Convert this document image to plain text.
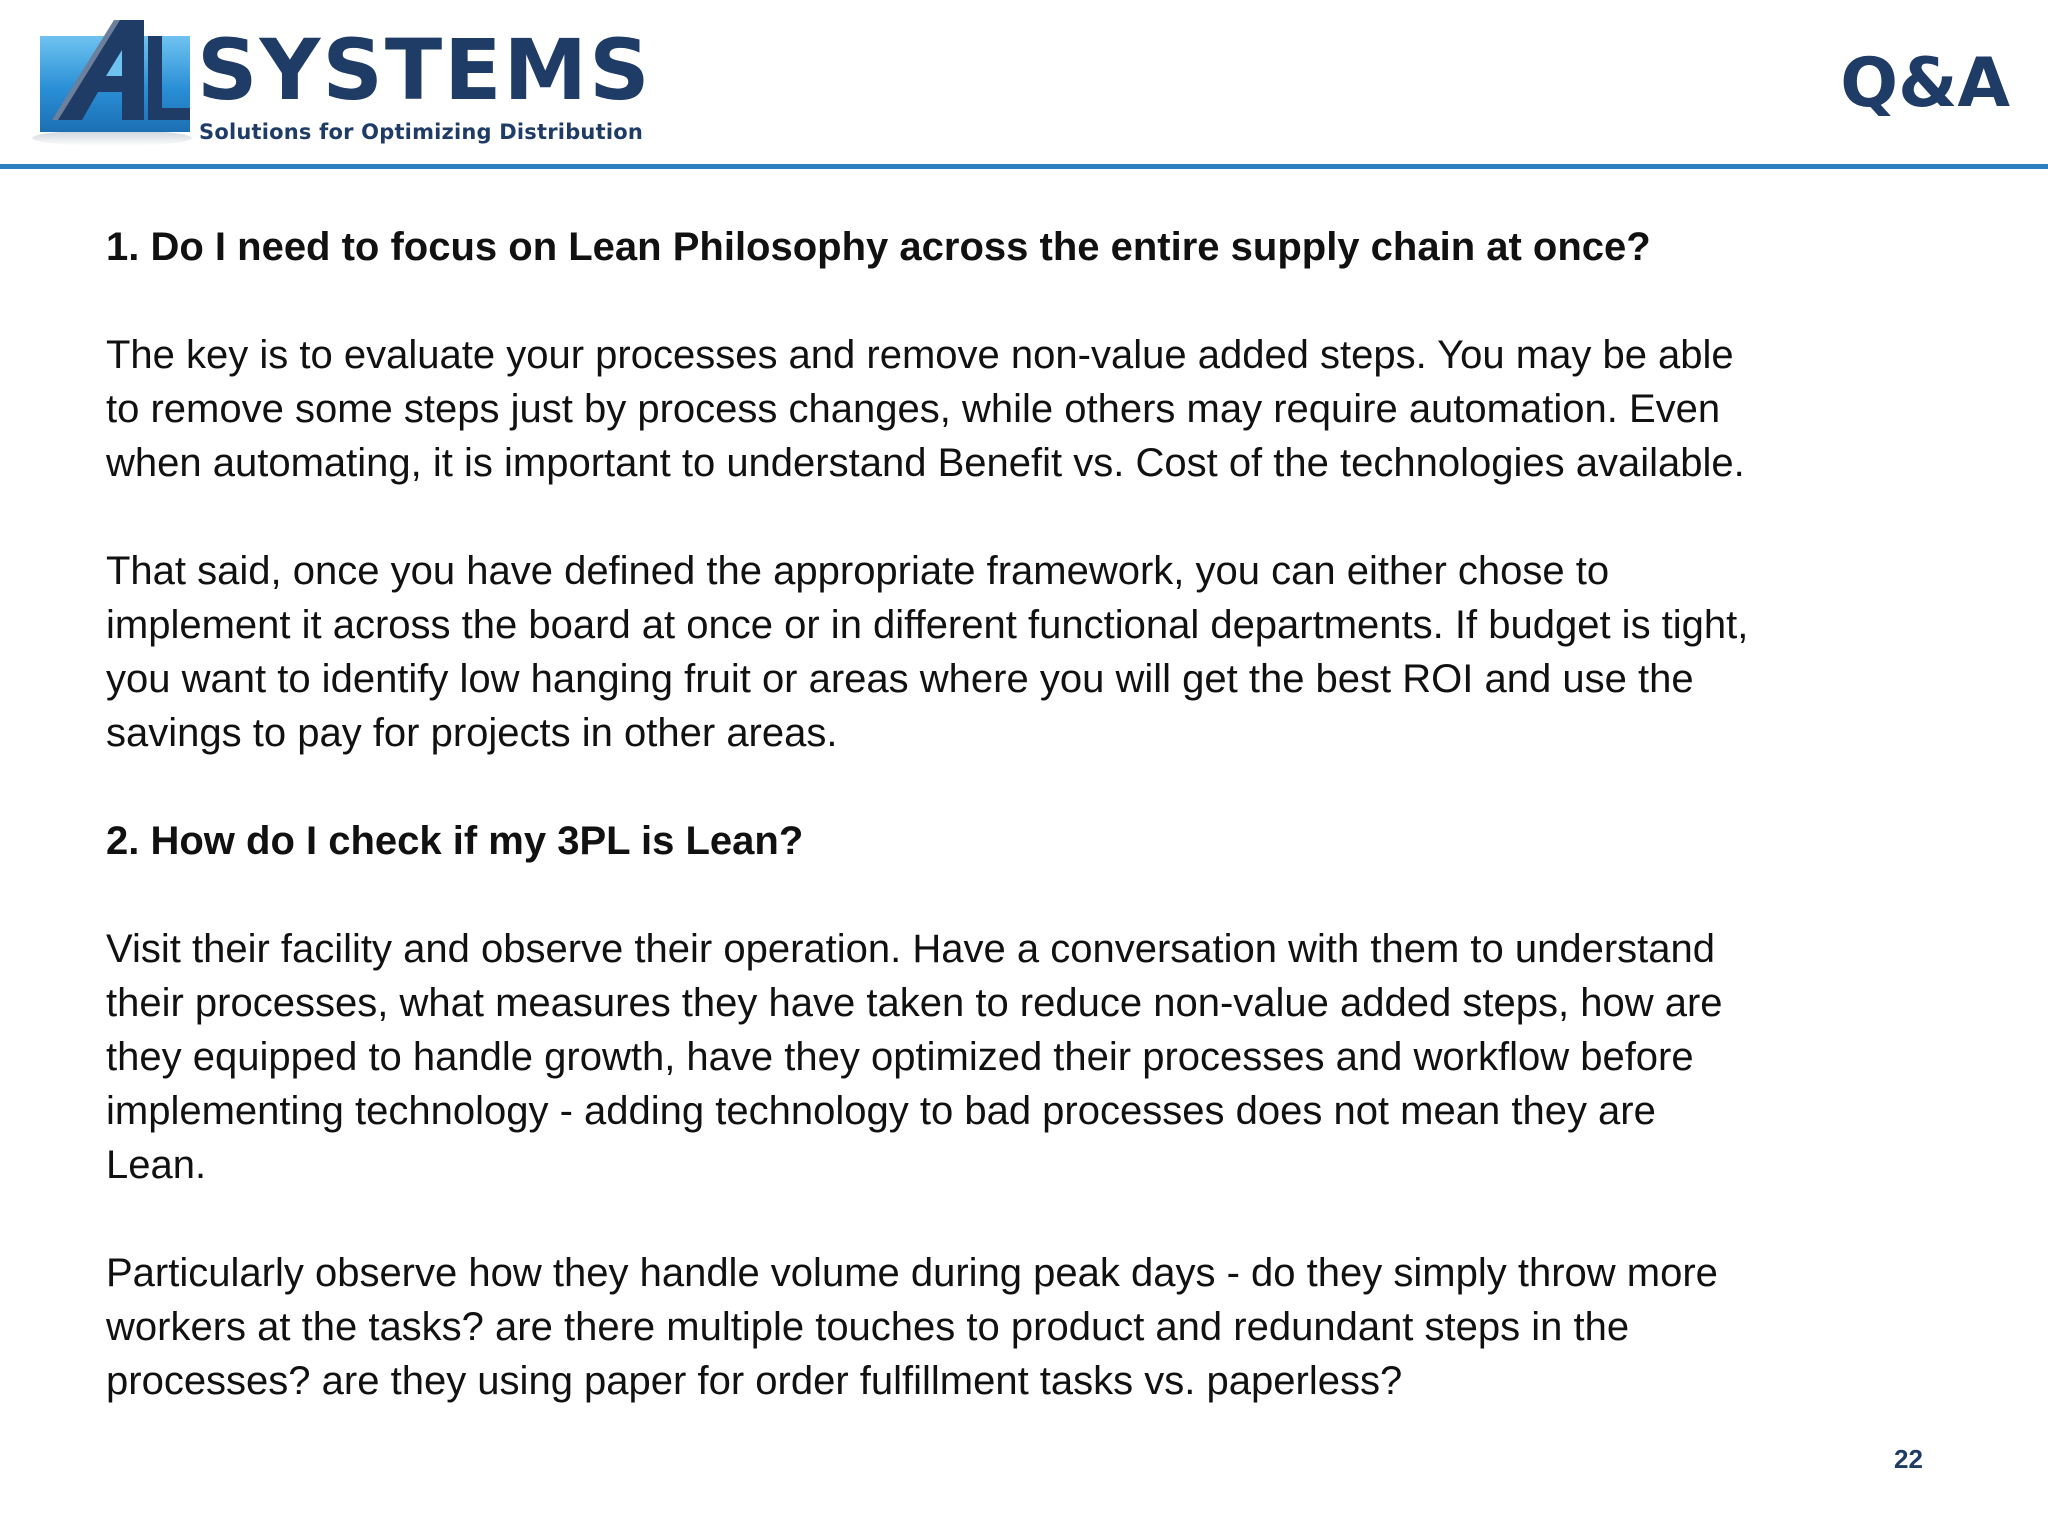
SYSTEMS
Solutions for Optimizing Distribution
Q&A

1. Do I need to focus on Lean Philosophy across the entire supply chain at once?

The key is to evaluate your processes and remove non-value added steps. You may be able
to remove some steps just by process changes, while others may require automation. Even
when automating, it is important to understand Benefit vs. Cost of the technologies available.

That said, once you have defined the appropriate framework, you can either chose to
implement it across the board at once or in different functional departments. If budget is tight,
you want to identify low hanging fruit or areas where you will get the best ROI and use the
savings to pay for projects in other areas.

2. How do I check if my 3PL is Lean?

Visit their facility and observe their operation. Have a conversation with them to understand
their processes, what measures they have taken to reduce non-value added steps, how are
they equipped to handle growth, have they optimized their processes and workflow before
implementing technology - adding technology to bad processes does not mean they are
Lean.

Particularly observe how they handle volume during peak days - do they simply throw more
workers at the tasks? are there multiple touches to product and redundant steps in the
processes? are they using paper for order fulfillment tasks vs. paperless?

22
